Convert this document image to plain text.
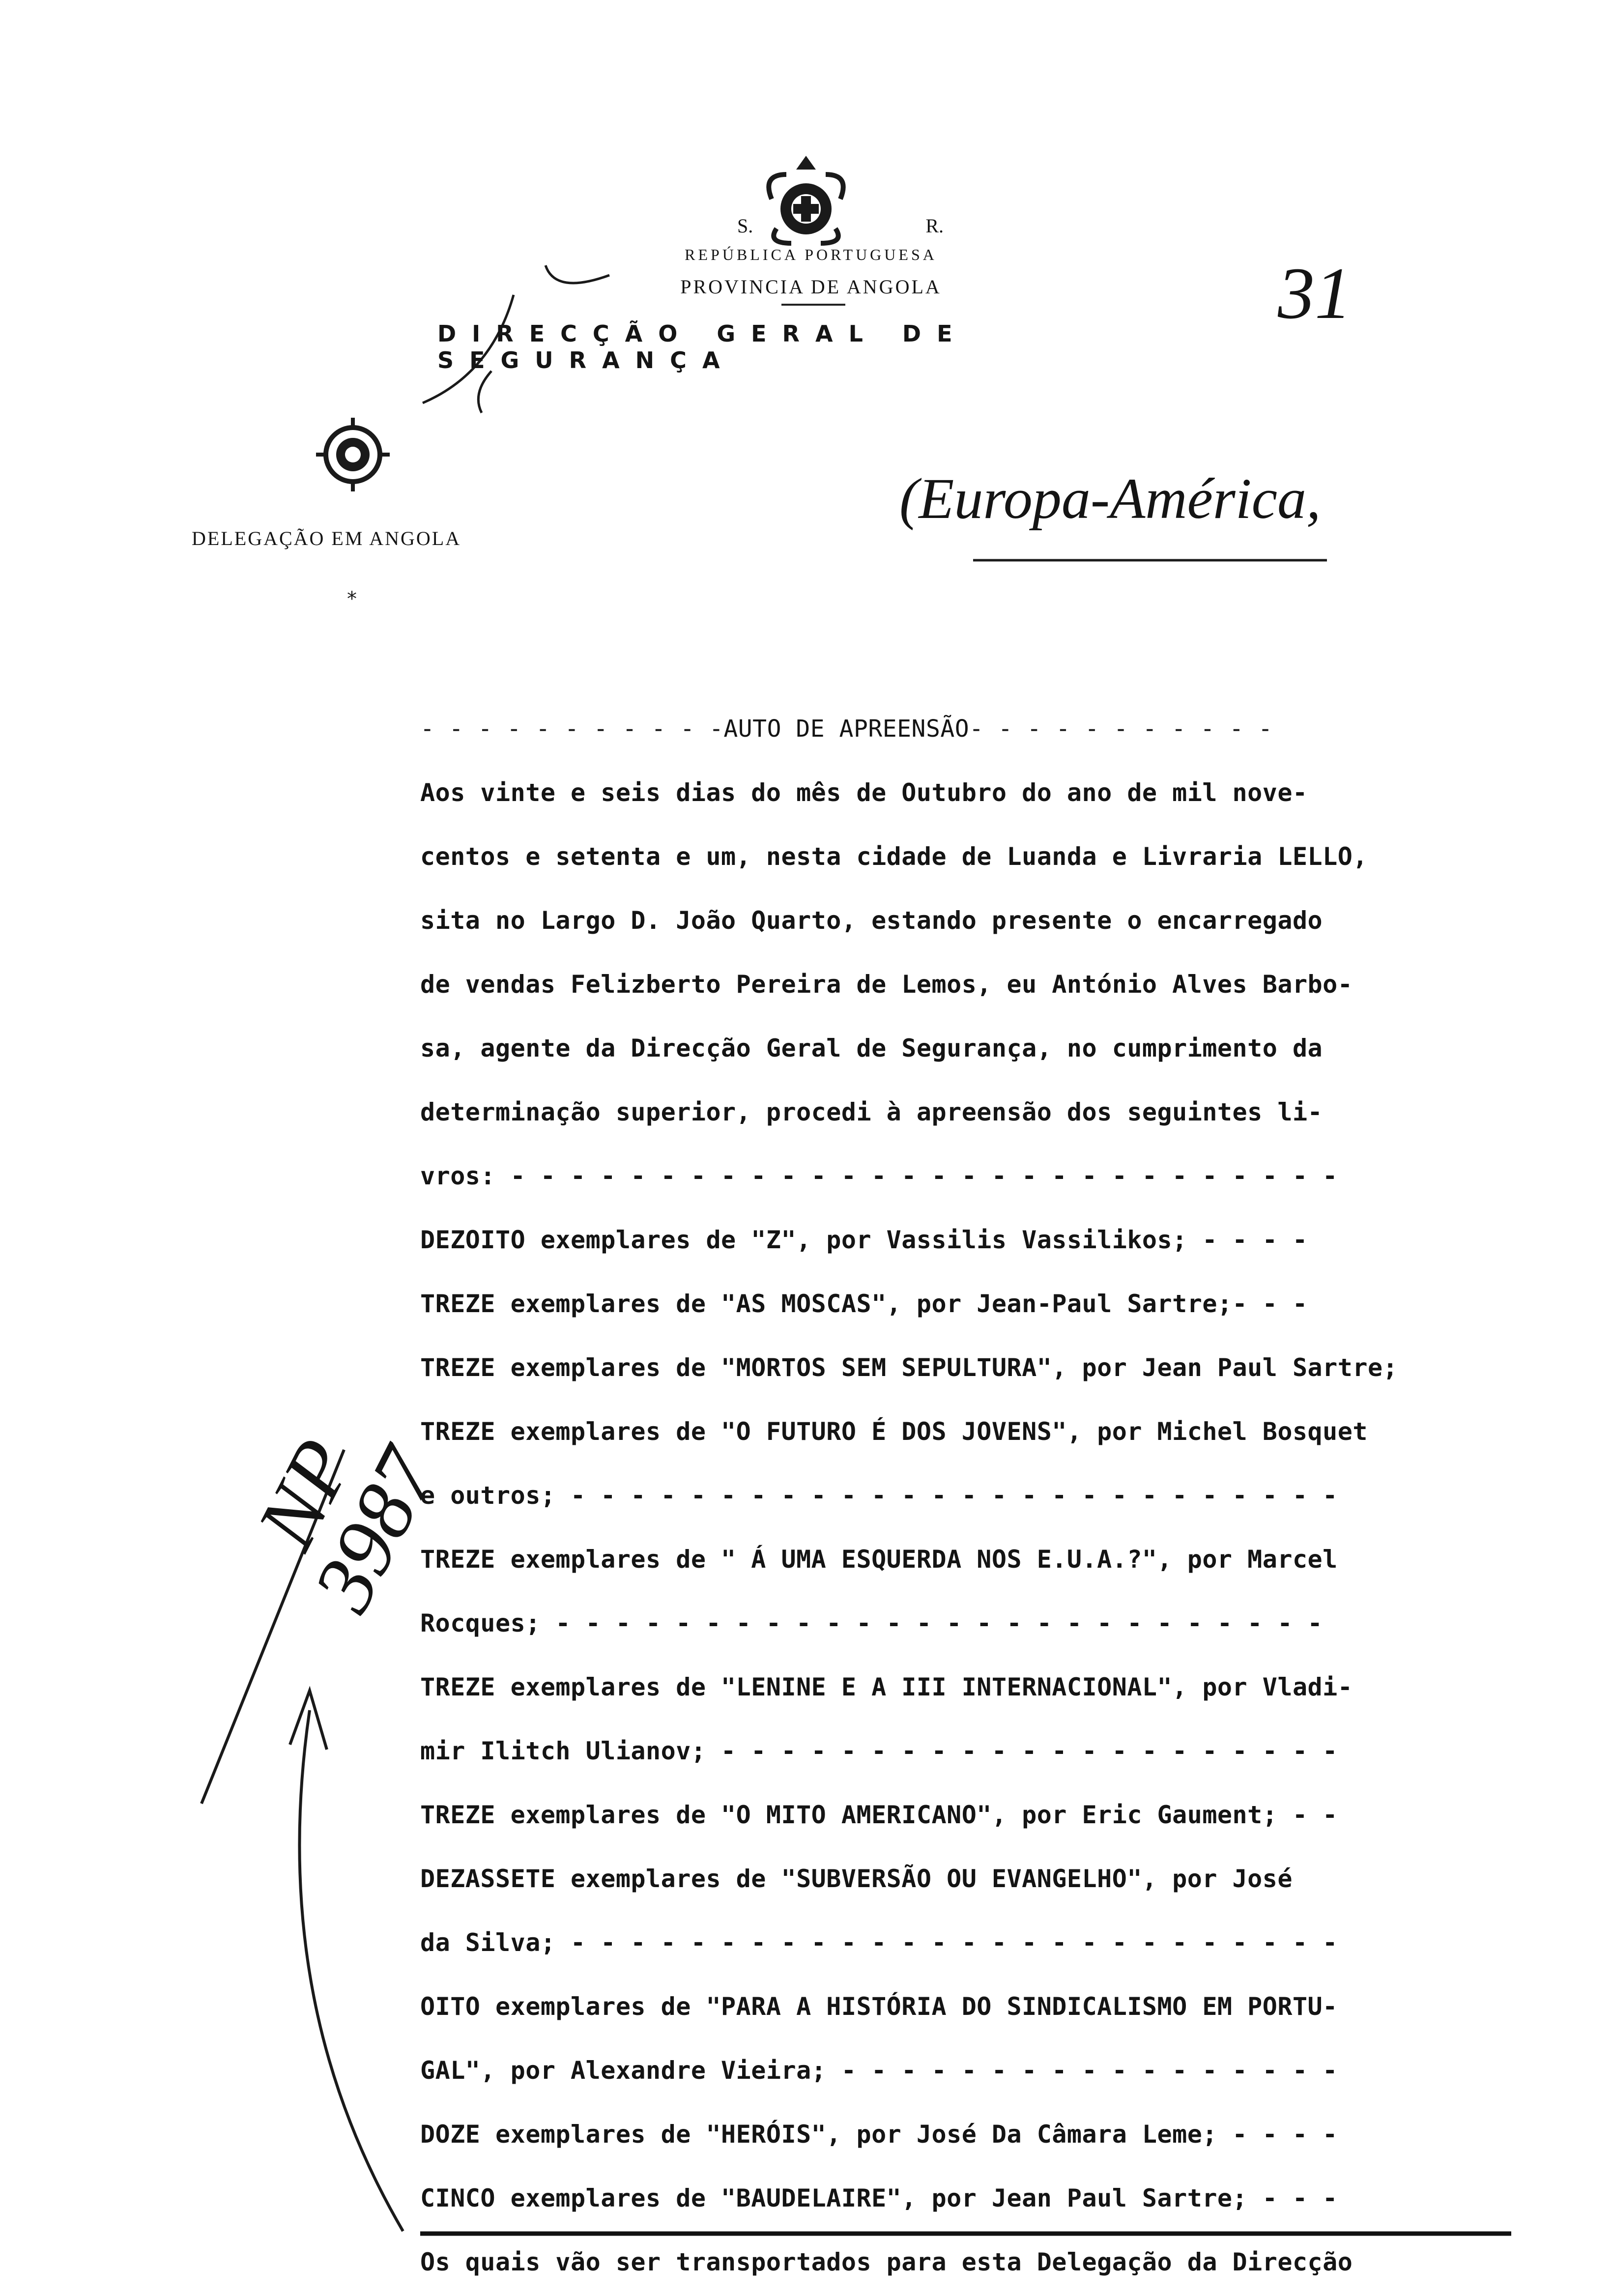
*
S.	R.
REPÚBLICA PORTUGUESA
PROVINCIA DE ANGOLA
DIRECÇÃO GERAL DE SEGURANÇA
DELEGAÇÃO EM ANGOLA
31
(Europa-América,
NP 3987
- - - - - - - - - - -AUTO DE APREENSÃO- - - - - - - - - - -
Aos vinte e seis dias do mês de Outubro do ano de mil nove-
centos e setenta e um, nesta cidade de Luanda e Livraria LELLO,
sita no Largo D. João Quarto, estando presente o encarregado
de vendas Felizberto Pereira de Lemos, eu António Alves Barbo-
sa, agente da Direcção Geral de Segurança, no cumprimento da
determinação superior, procedi à apreensão dos seguintes li-
vros: - - - - - - - - - - - - - - - - - - - - - - - - - - - -
DEZOITO exemplares de "Z", por Vassilis Vassilikos; - - - -
TREZE exemplares de "AS MOSCAS", por Jean-Paul Sartre;- - -
TREZE exemplares de "MORTOS SEM SEPULTURA", por Jean Paul Sartre;
TREZE exemplares de "O FUTURO É DOS JOVENS", por Michel Bosquet
e outros; - - - - - - - - - - - - - - - - - - - - - - - - - -
TREZE exemplares de " Á UMA ESQUERDA NOS E.U.A.?", por Marcel
Rocques; - - - - - - - - - - - - - - - - - - - - - - - - - -
TREZE exemplares de "LENINE E A III INTERNACIONAL", por Vladi-
mir Ilitch Ulianov; - - - - - - - - - - - - - - - - - - - - -
TREZE exemplares de "O MITO AMERICANO", por Eric Gaument; - -
DEZASSETE exemplares de "SUBVERSÃO OU EVANGELHO", por José
da Silva; - - - - - - - - - - - - - - - - - - - - - - - - - -
OITO exemplares de "PARA A HISTÓRIA DO SINDICALISMO EM PORTU-
GAL", por Alexandre Vieira; - - - - - - - - - - - - - - - - -
DOZE exemplares de "HERÓIS", por José Da Câmara Leme; - - - -
CINCO exemplares de "BAUDELAIRE", por Jean Paul Sartre; - - -
Os quais vão ser transportados para esta Delegação da Direcção
